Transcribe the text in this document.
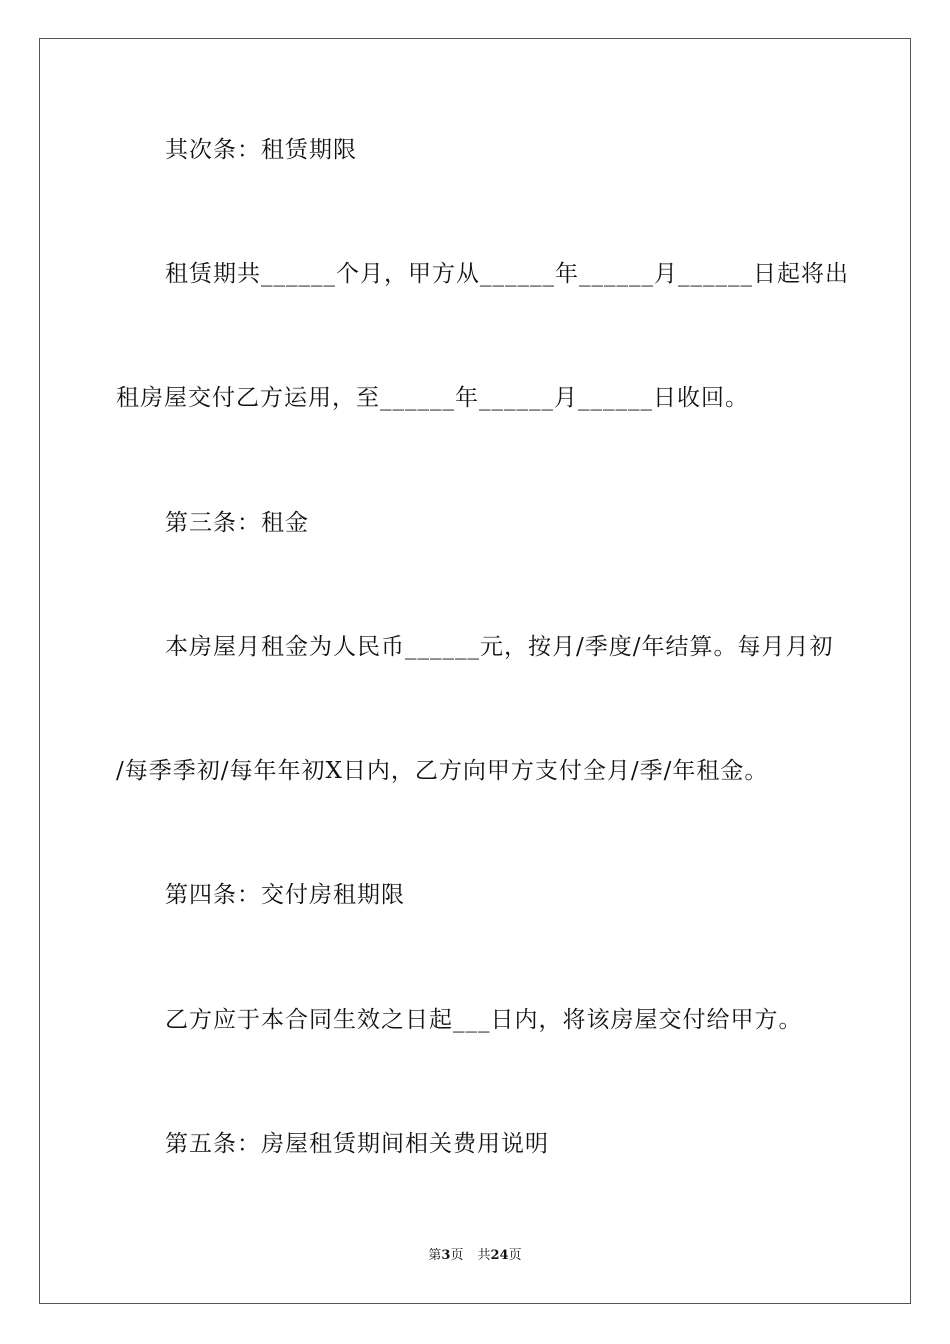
其次条：租赁期限
租赁期共______个月，甲方从______年______月______日起将出
租房屋交付乙方运用，至______年______月______日收回。
第三条：租金
本房屋月租金为人民币______元，按月/季度/年结算。每月月初
/每季季初/每年年初X日内，乙方向甲方支付全月/季/年租金。
第四条：交付房租期限
乙方应于本合同生效之日起___日内，将该房屋交付给甲方。
第五条：房屋租赁期间相关费用说明
第3页 共24页
